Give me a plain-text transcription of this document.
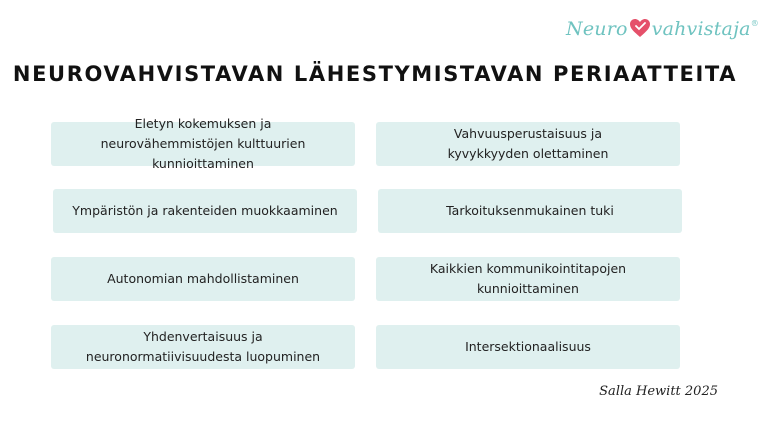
Neuro vahvistaja®
NEUROVAHVISTAVAN LÄHESTYMISTAVAN PERIAATTEITA
Eletyn kokemuksen ja
neurovähemmistöjen kulttuurien kunnioittaminen
Vahvuusperustaisuus ja
kyvykkyyden olettaminen
Ympäristön ja rakenteiden muokkaaminen	Tarkoituksenmukainen tuki
Autonomian mahdollistaminen
Kaikkien kommunikointitapojen
kunnioittaminen
Yhdenvertaisuus ja
neuronormatiivisuudesta luopuminen
Intersektionaalisuus
Salla Hewitt 2025
